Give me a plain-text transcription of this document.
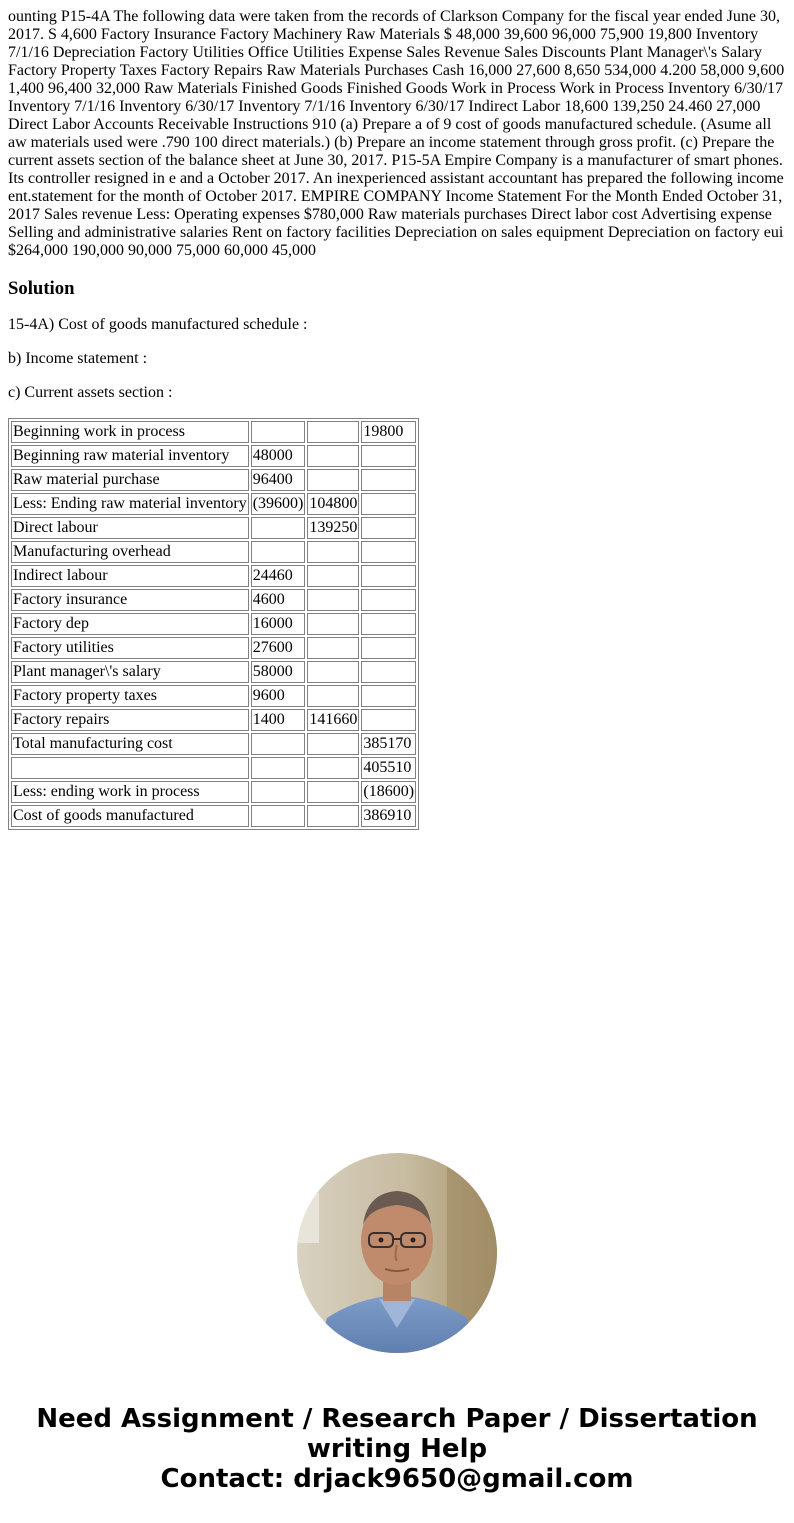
ounting P15-4A The following data were taken from the records of Clarkson Company for the fiscal year ended June 30, 2017. S 4,600 Factory Insurance Factory Machinery Raw Materials $ 48,000 39,600 96,000 75,900 19,800 Inventory 7/1/16 Depreciation Factory Utilities Office Utilities Expense Sales Revenue Sales Discounts Plant Manager\'s Salary Factory Property Taxes Factory Repairs Raw Materials Purchases Cash 16,000 27,600 8,650 534,000 4.200 58,000 9,600 1,400 96,400 32,000 Raw Materials Finished Goods Finished Goods Work in Process Work in Process Inventory 6/30/17 Inventory 7/1/16 Inventory 6/30/17 Inventory 7/1/16 Inventory 6/30/17 Indirect Labor 18,600 139,250 24.460 27,000 Direct Labor Accounts Receivable Instructions 910 (a) Prepare a of 9 cost of goods manufactured schedule. (Asume all aw materials used were .790 100 direct materials.) (b) Prepare an income statement through gross profit. (c) Prepare the current assets section of the balance sheet at June 30, 2017. P15-5A Empire Company is a manufacturer of smart phones. Its controller resigned in e and a October 2017. An inexperienced assistant accountant has prepared the following income ent.statement for the month of October 2017. EMPIRE COMPANY Income Statement For the Month Ended October 31, 2017 Sales revenue Less: Operating expenses $780,000 Raw materials purchases Direct labor cost Advertising expense Selling and administrative salaries Rent on factory facilities Depreciation on sales equipment Depreciation on factory eui $264,000 190,000 90,000 75,000 60,000 45,000
Solution

15-4A) Cost of goods manufactured schedule :

b) Income statement :

c) Current assets section :

Beginning work in process			19800
Beginning raw material inventory	48000		
Raw material purchase	96400		
Less: Ending raw material inventory	(39600)	104800	
Direct labour		139250	
Manufacturing overhead			
Indirect labour	24460		
Factory insurance	4600		
Factory dep	16000		
Factory utilities	27600		
Plant manager\'s salary	58000		
Factory property taxes	9600		
Factory repairs	1400	141660	
Total manufacturing cost			385170
			405510
Less: ending work in process			(18600)
Cost of goods manufactured			386910
Need Assignment / Research Paper / Dissertation
writing Help
Contact: drjack9650@gmail.com
